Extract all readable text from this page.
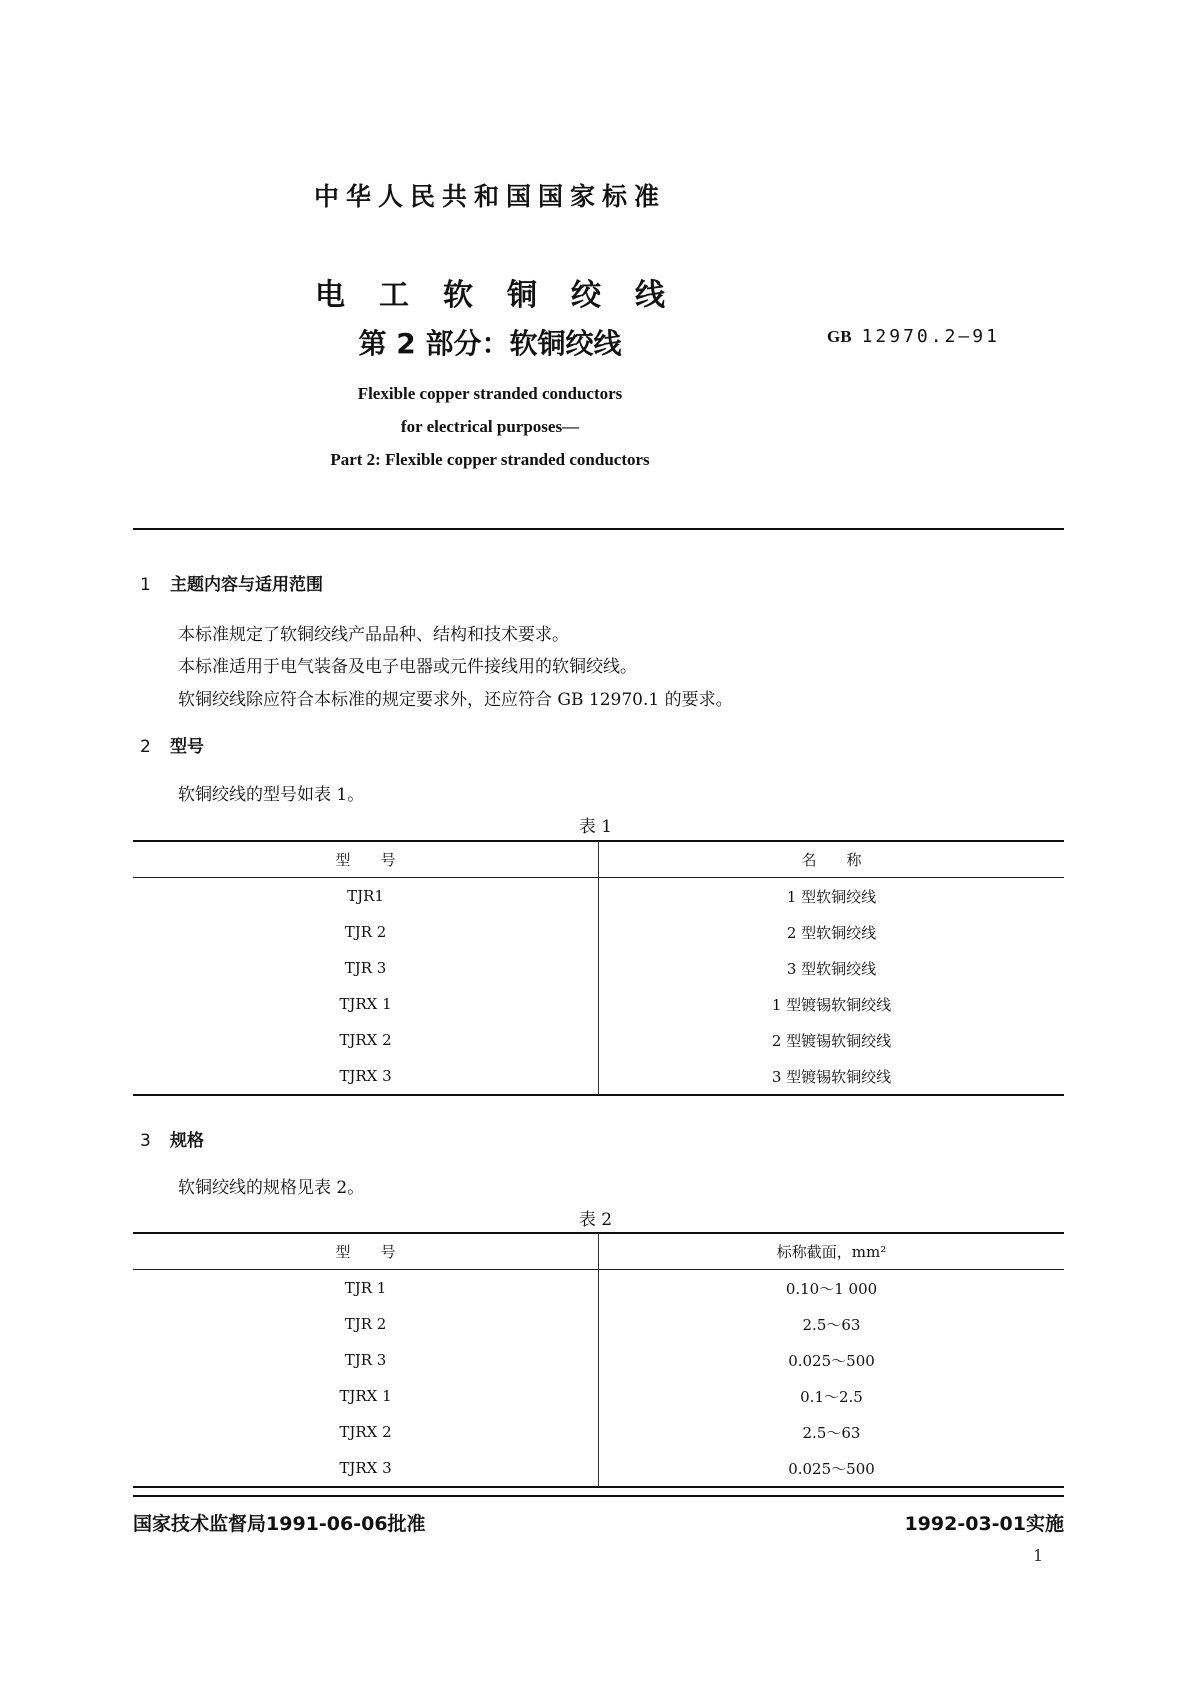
中华人民共和国国家标准
电工软铜绞线
第 2 部分：软铜绞线	GB 12970.2—91
Flexible copper stranded conductors
for electrical purposes—
Part 2: Flexible copper stranded conductors
1 主题内容与适用范围
本标准规定了软铜绞线产品品种、结构和技术要求。
本标准适用于电气装备及电子电器或元件接线用的软铜绞线。
软铜绞线除应符合本标准的规定要求外，还应符合 GB 12970.1 的要求。
2 型号
软铜绞线的型号如表 1。
表 1
型号	名称
TJR1	1 型软铜绞线
TJR 2	2 型软铜绞线
TJR 3	3 型软铜绞线
TJRX 1	1 型镀锡软铜绞线
TJRX 2	2 型镀锡软铜绞线
TJRX 3	3 型镀锡软铜绞线
3 规格
软铜绞线的规格见表 2。
表 2
型号	标称截面，mm²
TJR 1	0.10～1 000
TJR 2	2.5～63
TJR 3	0.025～500
TJRX 1	0.1～2.5
TJRX 2	2.5～63
TJRX 3	0.025～500
国家技术监督局1991-06-06批准	1992-03-01实施
1
